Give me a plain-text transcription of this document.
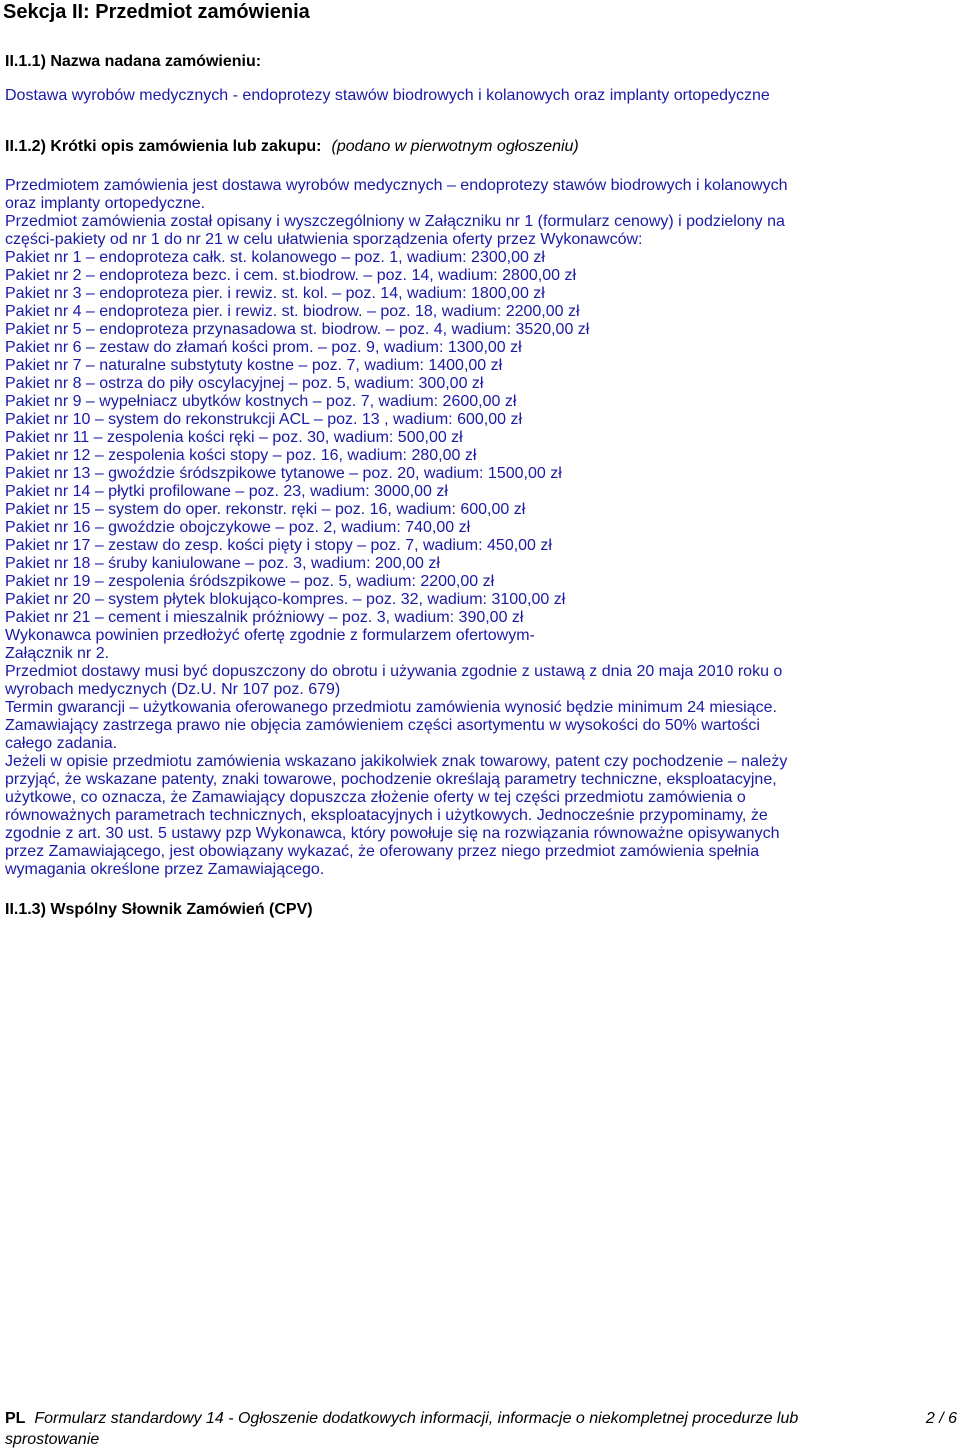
Sekcja II: Przedmiot zamówienia
II.1.1) Nazwa nadana zamówieniu:
Dostawa wyrobów medycznych - endoprotezy stawów biodrowych i kolanowych oraz implanty ortopedyczne
II.1.2) Krótki opis zamówienia lub zakupu: (podano w pierwotnym ogłoszeniu)
Przedmiotem zamówienia jest dostawa wyrobów medycznych – endoprotezy stawów biodrowych i kolanowych
oraz implanty ortopedyczne.
Przedmiot zamówienia został opisany i wyszczególniony w Załączniku nr 1 (formularz cenowy) i podzielony na
części-pakiety od nr 1 do nr 21 w celu ułatwienia sporządzenia oferty przez Wykonawców:
Pakiet nr 1 – endoproteza całk. st. kolanowego – poz. 1, wadium: 2300,00 zł
Pakiet nr 2 – endoproteza bezc. i cem. st.biodrow. – poz. 14, wadium: 2800,00 zł
Pakiet nr 3 – endoproteza pier. i rewiz. st. kol. – poz. 14, wadium: 1800,00 zł
Pakiet nr 4 – endoproteza pier. i rewiz. st. biodrow. – poz. 18, wadium: 2200,00 zł
Pakiet nr 5 – endoproteza przynasadowa st. biodrow. – poz. 4, wadium: 3520,00 zł
Pakiet nr 6 – zestaw do złamań kości prom. – poz. 9, wadium: 1300,00 zł
Pakiet nr 7 – naturalne substytuty kostne – poz. 7, wadium: 1400,00 zł
Pakiet nr 8 – ostrza do piły oscylacyjnej – poz. 5, wadium: 300,00 zł
Pakiet nr 9 – wypełniacz ubytków kostnych – poz. 7, wadium: 2600,00 zł
Pakiet nr 10 – system do rekonstrukcji ACL – poz. 13 , wadium: 600,00 zł
Pakiet nr 11 – zespolenia kości ręki – poz. 30, wadium: 500,00 zł
Pakiet nr 12 – zespolenia kości stopy – poz. 16, wadium: 280,00 zł
Pakiet nr 13 – gwoździe śródszpikowe tytanowe – poz. 20, wadium: 1500,00 zł
Pakiet nr 14 – płytki profilowane – poz. 23, wadium: 3000,00 zł
Pakiet nr 15 – system do oper. rekonstr. ręki – poz. 16, wadium: 600,00 zł
Pakiet nr 16 – gwoździe obojczykowe – poz. 2, wadium: 740,00 zł
Pakiet nr 17 – zestaw do zesp. kości pięty i stopy – poz. 7, wadium: 450,00 zł
Pakiet nr 18 – śruby kaniulowane – poz. 3, wadium: 200,00 zł
Pakiet nr 19 – zespolenia śródszpikowe – poz. 5, wadium: 2200,00 zł
Pakiet nr 20 – system płytek blokująco-kompres. – poz. 32, wadium: 3100,00 zł
Pakiet nr 21 – cement i mieszalnik próżniowy – poz. 3, wadium: 390,00 zł
Wykonawca powinien przedłożyć ofertę zgodnie z formularzem ofertowym-
Załącznik nr 2.
Przedmiot dostawy musi być dopuszczony do obrotu i używania zgodnie z ustawą z dnia 20 maja 2010 roku o
wyrobach medycznych (Dz.U. Nr 107 poz. 679)
Termin gwarancji – użytkowania oferowanego przedmiotu zamówienia wynosić będzie minimum 24 miesiące.
Zamawiający zastrzega prawo nie objęcia zamówieniem części asortymentu w wysokości do 50% wartości
całego zadania.
Jeżeli w opisie przedmiotu zamówienia wskazano jakikolwiek znak towarowy, patent czy pochodzenie – należy
przyjąć, że wskazane patenty, znaki towarowe, pochodzenie określają parametry techniczne, eksploatacyjne,
użytkowe, co oznacza, że Zamawiający dopuszcza złożenie oferty w tej części przedmiotu zamówienia o
równoważnych parametrach technicznych, eksploatacyjnych i użytkowych. Jednocześnie przypominamy, że
zgodnie z art. 30 ust. 5 ustawy pzp Wykonawca, który powołuje się na rozwiązania równoważne opisywanych
przez Zamawiającego, jest obowiązany wykazać, że oferowany przez niego przedmiot zamówienia spełnia
wymagania określone przez Zamawiającego.
II.1.3) Wspólny Słownik Zamówień (CPV)
PL Formularz standardowy 14 - Ogłoszenie dodatkowych informacji, informacje o niekompletnej procedurze lub
sprostowanie
2 / 6
